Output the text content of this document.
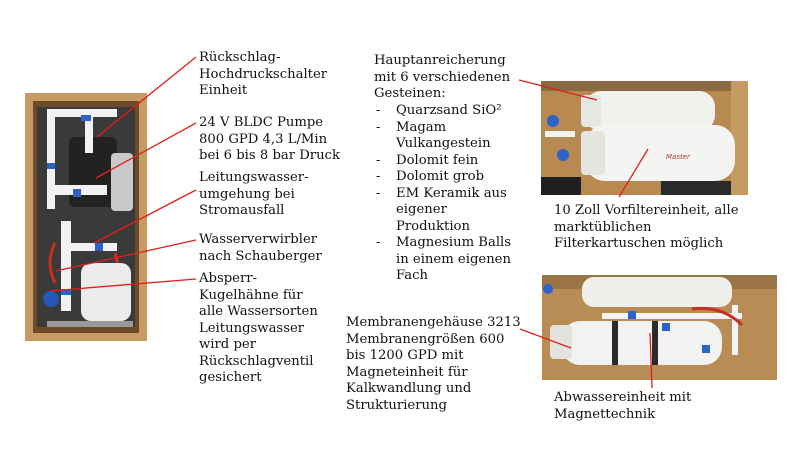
Master
Rückschlag-
Hochdruckschalter
Einheit
24 V BLDC Pumpe
800 GPD 4,3 L/Min
bei 6 bis 8 bar Druck
Leitungswasser-
umgehung bei
Stromausfall
Wasserverwirbler
nach Schauberger
Absperr-
Kugelhähne für
alle Wassersorten
Leitungswasser
wird per
Rückschlagventil
gesichert
Hauptanreicherung
mit 6 verschiedenen
Gesteinen:
- Quarzsand SiO²
- Magam
Vulkangestein
- Dolomit fein
- Dolomit grob
- EM Keramik aus
eigener
Produktion
- Magnesium Balls
in einem eigenen
Fach
Membranengehäuse 3213
Membranengrößen 600
bis 1200 GPD mit
Magneteinheit für
Kalkwandlung und
Strukturierung
10 Zoll Vorfiltereinheit, alle
marktüblichen
Filterkartuschen möglich
Abwassereinheit mit
Magnettechnik
